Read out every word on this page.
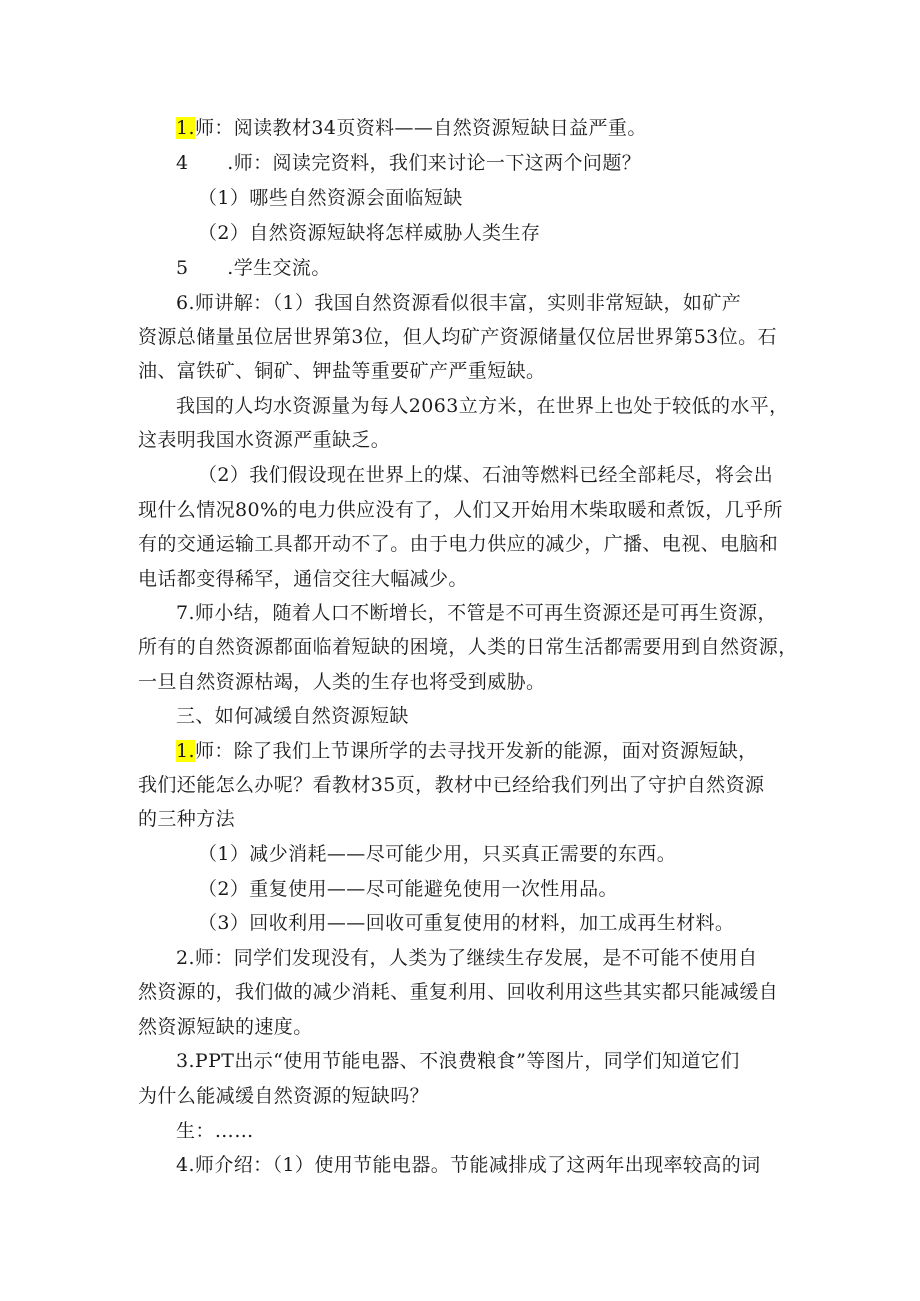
1.师：阅读教材34页资料——自然资源短缺日益严重。
4　　.师：阅读完资料，我们来讨论一下这两个问题？
（1）哪些自然资源会面临短缺
（2）自然资源短缺将怎样威胁人类生存
5　　.学生交流。
6.师讲解：（1）我国自然资源看似很丰富，实则非常短缺，如矿产
资源总储量虽位居世界第3位，但人均矿产资源储量仅位居世界第53位。石
油、富铁矿、铜矿、钾盐等重要矿产严重短缺。
我国的人均水资源量为每人2063立方米，在世界上也处于较低的水平，
这表明我国水资源严重缺乏。
（2）我们假设现在世界上的煤、石油等燃料已经全部耗尽，将会出
现什么情况80%的电力供应没有了，人们又开始用木柴取暖和煮饭，几乎所
有的交通运输工具都开动不了。由于电力供应的减少，广播、电视、电脑和
电话都变得稀罕，通信交往大幅减少。
7.师小结，随着人口不断增长，不管是不可再生资源还是可再生资源，
所有的自然资源都面临着短缺的困境，人类的日常生活都需要用到自然资源，
一旦自然资源枯竭，人类的生存也将受到威胁。
三、如何减缓自然资源短缺
1.师：除了我们上节课所学的去寻找开发新的能源，面对资源短缺，
我们还能怎么办呢？看教材35页，教材中已经给我们列出了守护自然资源
的三种方法
（1）减少消耗——尽可能少用，只买真正需要的东西。
（2）重复使用——尽可能避免使用一次性用品。
（3）回收利用——回收可重复使用的材料，加工成再生材料。
2.师：同学们发现没有，人类为了继续生存发展，是不可能不使用自
然资源的，我们做的减少消耗、重复利用、回收利用这些其实都只能减缓自
然资源短缺的速度。
3.PPT出示“使用节能电器、不浪费粮食”等图片，同学们知道它们
为什么能减缓自然资源的短缺吗？
生：……
4.师介绍：（1）使用节能电器。节能减排成了这两年出现率较高的词
